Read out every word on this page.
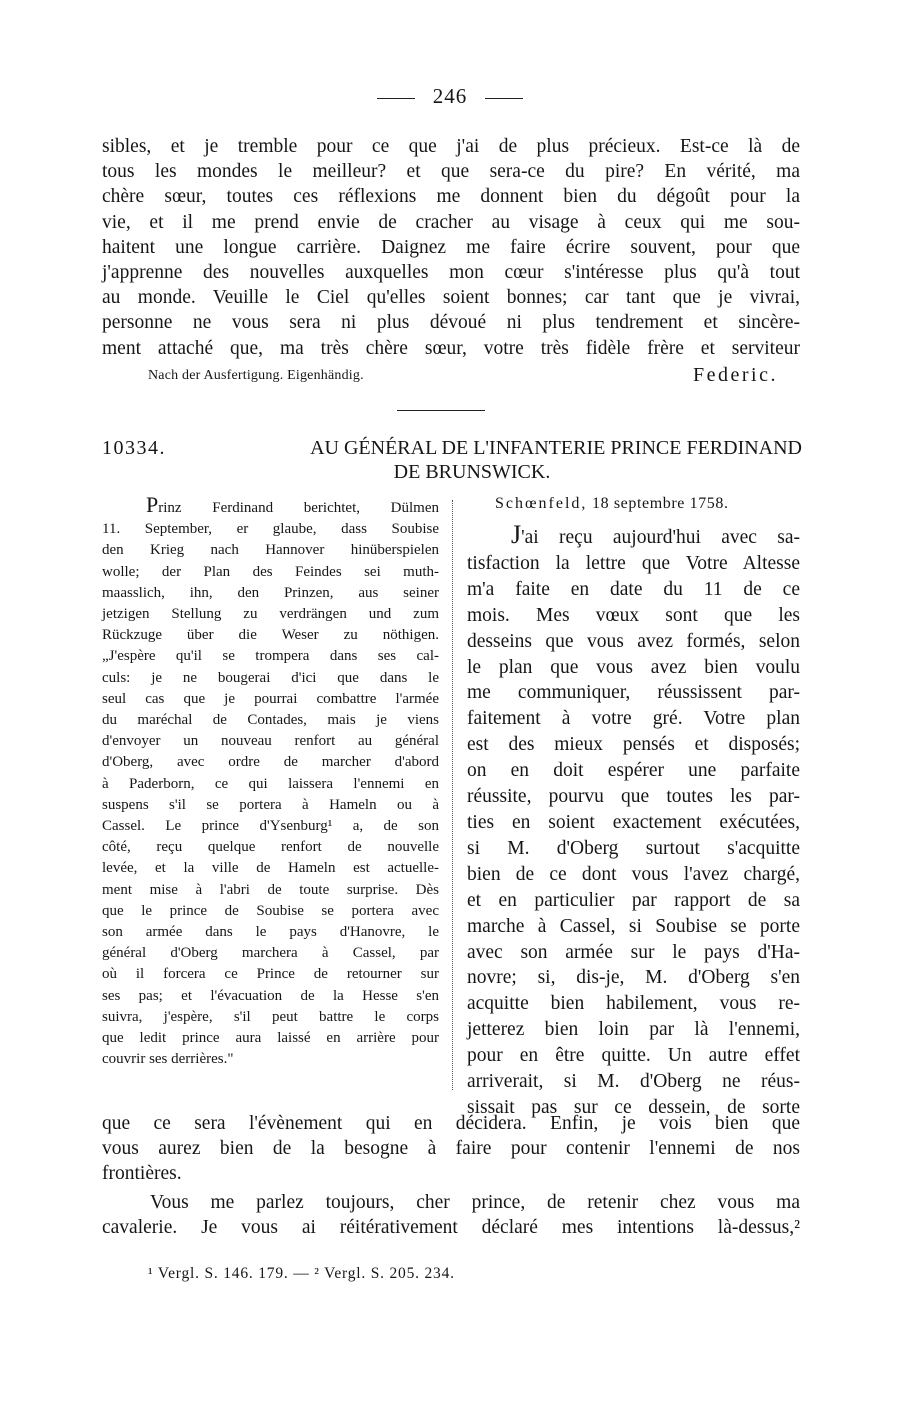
246
sibles, et je tremble pour ce que j'ai de plus précieux. Est-ce là de
tous les mondes le meilleur? et que sera-ce du pire? En vérité, ma
chère sœur, toutes ces réflexions me donnent bien du dégoût pour la
vie, et il me prend envie de cracher au visage à ceux qui me sou-
haitent une longue carrière. Daignez me faire écrire souvent, pour que
j'apprenne des nouvelles auxquelles mon cœur s'intéresse plus qu'à tout
au monde. Veuille le Ciel qu'elles soient bonnes; car tant que je vivrai,
personne ne vous sera ni plus dévoué ni plus tendrement et sincère-
ment attaché que, ma très chère sœur, votre très fidèle frère et serviteur
Nach der Ausfertigung. Eigenhändig.	Federic.
10334.	AU GÉNÉRAL DE L'INFANTERIE PRINCE FERDINAND
DE BRUNSWICK.
Prinz Ferdinand berichtet, Dülmen
11. September, er glaube, dass Soubise
den Krieg nach Hannover hinüberspielen
wolle; der Plan des Feindes sei muth-
maasslich, ihn, den Prinzen, aus seiner
jetzigen Stellung zu verdrängen und zum
Rückzuge über die Weser zu nöthigen.
„J'espère qu'il se trompera dans ses cal-
culs: je ne bougerai d'ici que dans le
seul cas que je pourrai combattre l'armée
du maréchal de Contades, mais je viens
d'envoyer un nouveau renfort au général
d'Oberg, avec ordre de marcher d'abord
à Paderborn, ce qui laissera l'ennemi en
suspens s'il se portera à Hameln ou à
Cassel. Le prince d'Ysenburg¹ a, de son
côté, reçu quelque renfort de nouvelle
levée, et la ville de Hameln est actuelle-
ment mise à l'abri de toute surprise. Dès
que le prince de Soubise se portera avec
son armée dans le pays d'Hanovre, le
général d'Oberg marchera à Cassel, par
où il forcera ce Prince de retourner sur
ses pas; et l'évacuation de la Hesse s'en
suivra, j'espère, s'il peut battre le corps
que ledit prince aura laissé en arrière pour
couvrir ses derrières."
Schœnfeld, 18 septembre 1758.
J'ai reçu aujourd'hui avec sa-
tisfaction la lettre que Votre Altesse
m'a faite en date du 11 de ce
mois. Mes vœux sont que les
desseins que vous avez formés, selon
le plan que vous avez bien voulu
me communiquer, réussissent par-
faitement à votre gré. Votre plan
est des mieux pensés et disposés;
on en doit espérer une parfaite
réussite, pourvu que toutes les par-
ties en soient exactement exécutées,
si M. d'Oberg surtout s'acquitte
bien de ce dont vous l'avez chargé,
et en particulier par rapport de sa
marche à Cassel, si Soubise se porte
avec son armée sur le pays d'Ha-
novre; si, dis-je, M. d'Oberg s'en
acquitte bien habilement, vous re-
jetterez bien loin par là l'ennemi,
pour en être quitte. Un autre effet
arriverait, si M. d'Oberg ne réus-
sissait pas sur ce dessein, de sorte
que ce sera l'évènement qui en décidera. Enfin, je vois bien que
vous aurez bien de la besogne à faire pour contenir l'ennemi de nos
frontières.
Vous me parlez toujours, cher prince, de retenir chez vous ma
cavalerie. Je vous ai réitérativement déclaré mes intentions là-dessus,²
¹ Vergl. S. 146. 179. — ² Vergl. S. 205. 234.
